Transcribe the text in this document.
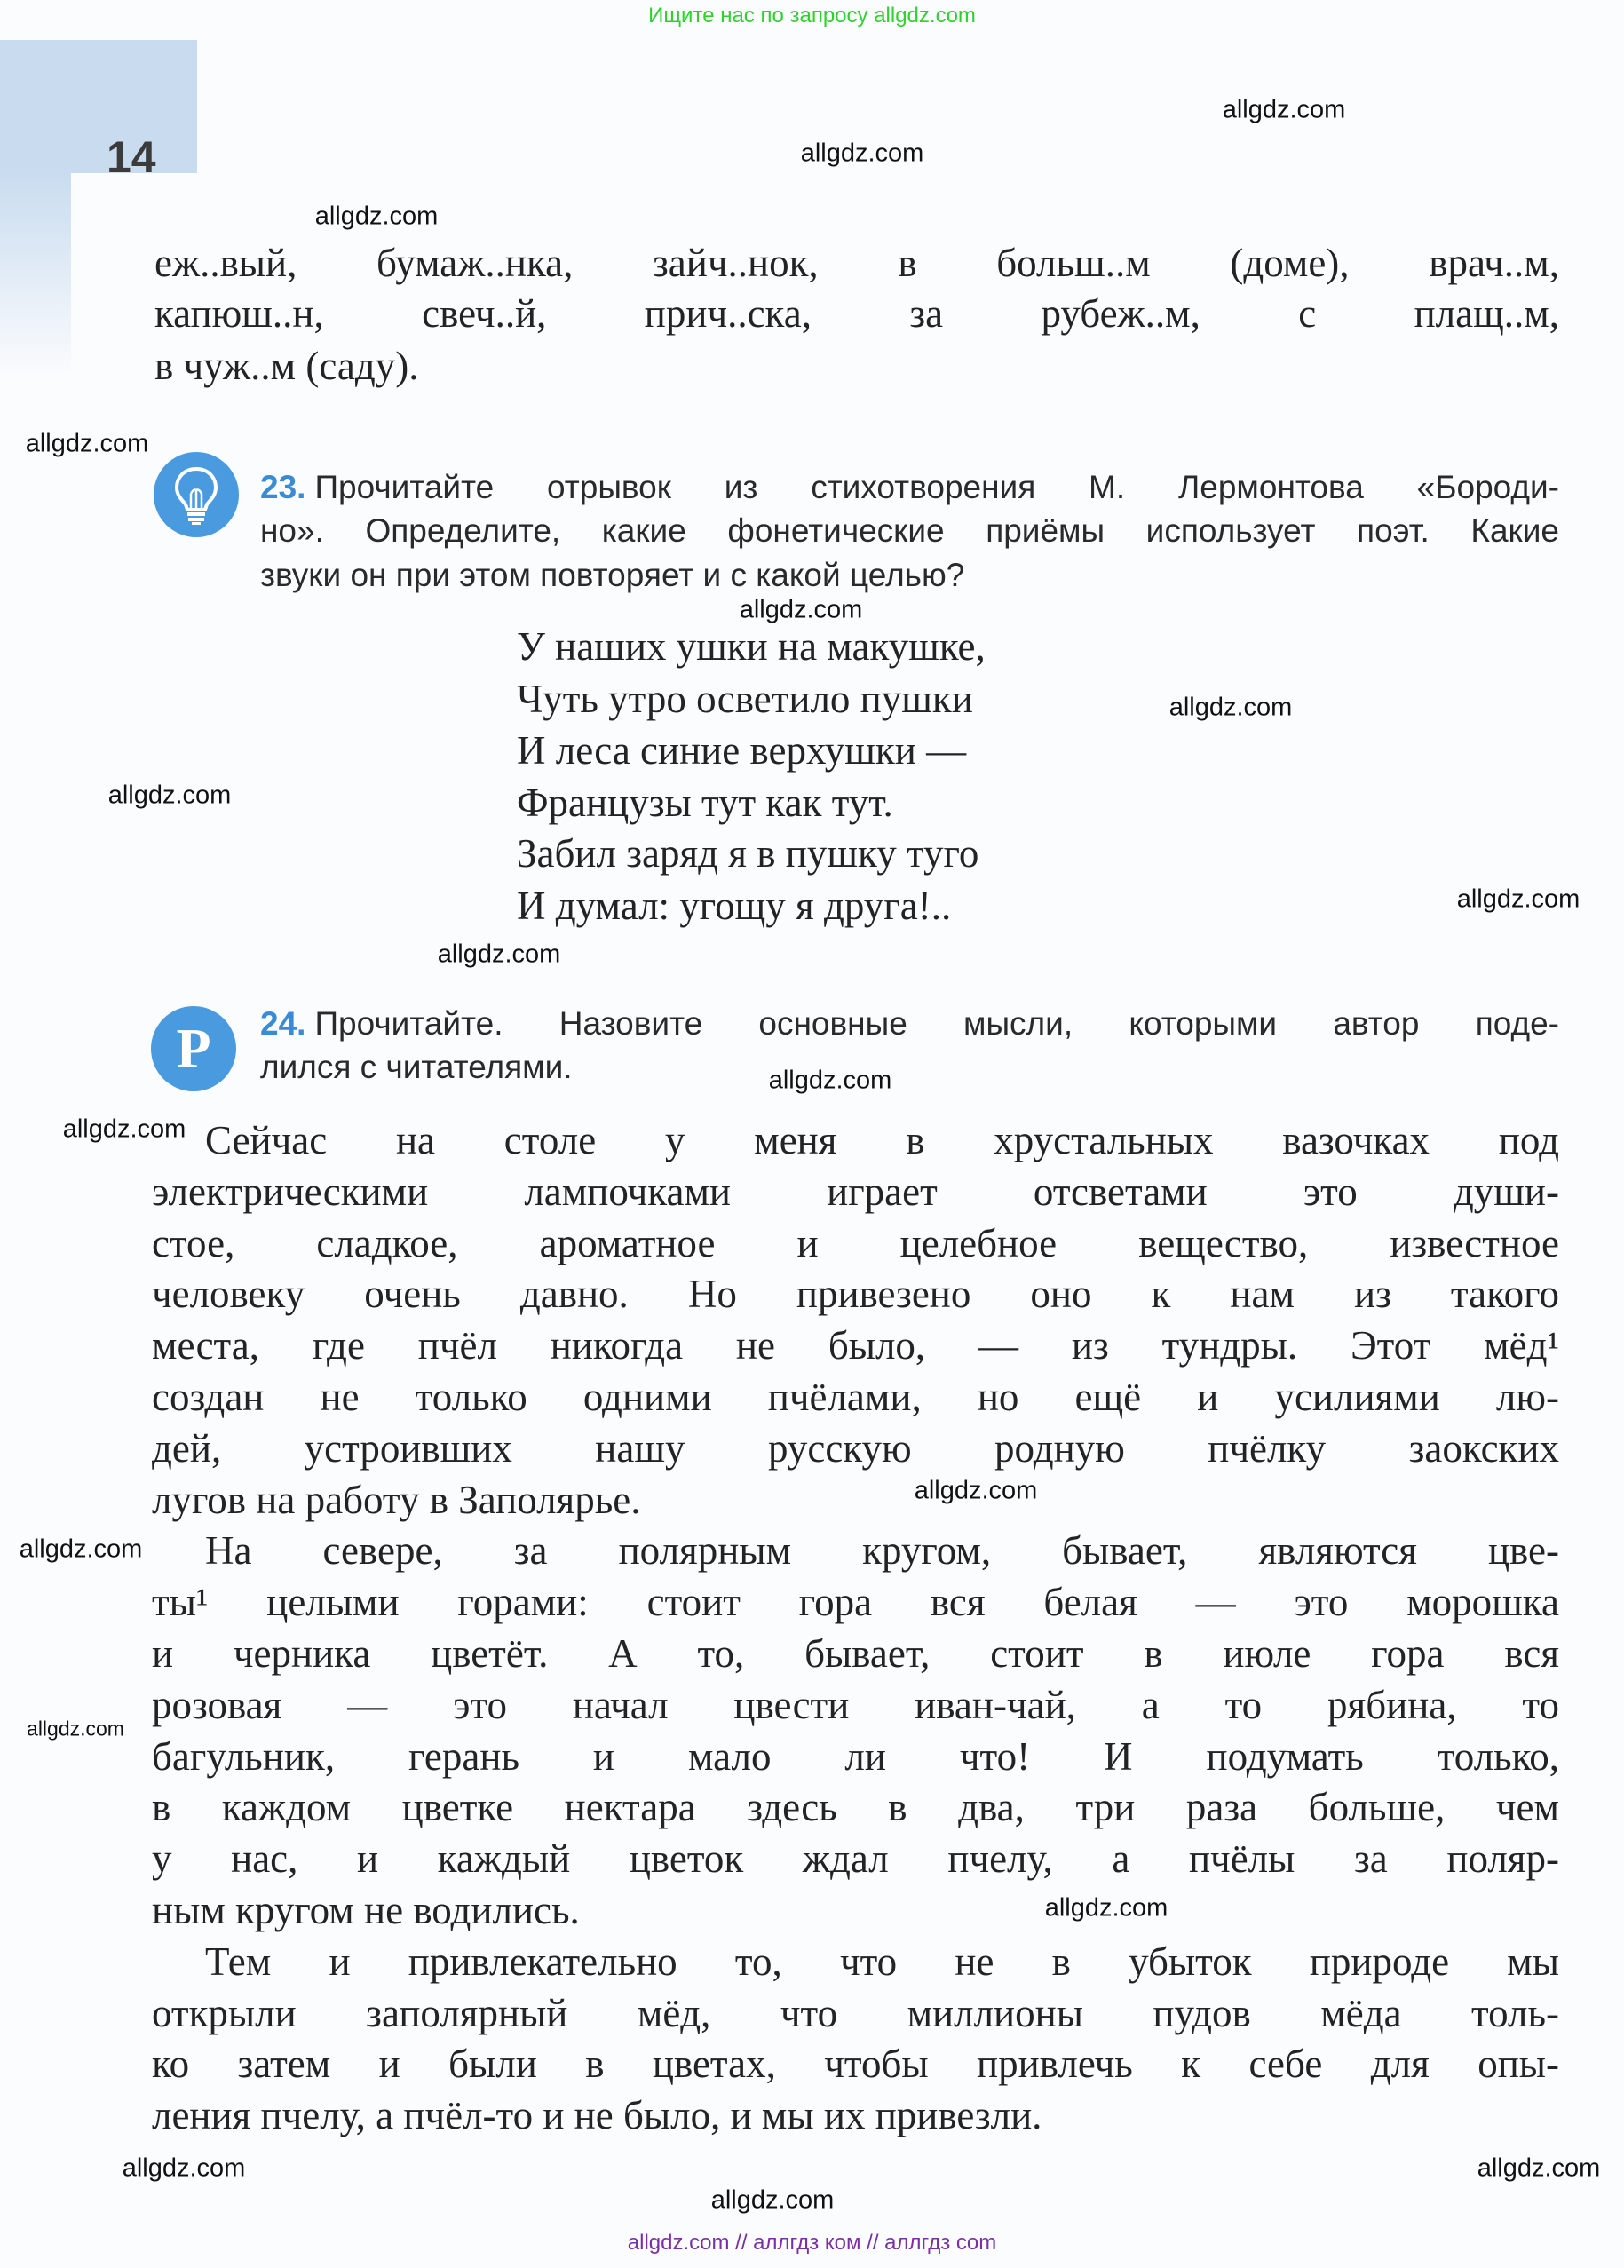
Ищите нас по запросу allgdz.com
14
Р
еж..вый, бумаж..нка, зайч..нок, в больш..м (доме), врач..м,
капюш..н, свеч..й, прич..ска, за рубеж..м, с плащ..м,
в чуж..м (саду).
23. Прочитайте отрывок из стихотворения М. Лермонтова «Бороди-
но». Определите, какие фонетические приёмы использует поэт. Какие
звуки он при этом повторяет и с какой целью?
У наших ушки на макушке,
Чуть утро осветило пушки
И леса синие верхушки —
Французы тут как тут.
Забил заряд я в пушку туго
И думал: угощу я друга!..
24. Прочитайте. Назовите основные мысли, которыми автор поде-
лился с читателями.
Сейчас на столе у меня в хрустальных вазочках под
электрическими лампочками играет отсветами это души-
стое, сладкое, ароматное и целебное вещество, известное
человеку очень давно. Но привезено оно к нам из такого
места, где пчёл никогда не было, — из тундры. Этот мёд¹
создан не только одними пчёлами, но ещё и усилиями лю-
дей, устроивших нашу русскую родную пчёлку заокских
лугов на работу в Заполярье.
На севере, за полярным кругом, бывает, являются цве-
ты¹ целыми горами: стоит гора вся белая — это морошка
и черника цветёт. А то, бывает, стоит в июле гора вся
розовая — это начал цвести иван-чай, а то рябина, то
багульник, герань и мало ли что! И подумать только,
в каждом цветке нектара здесь в два, три раза больше, чем
у нас, и каждый цветок ждал пчелу, а пчёлы за поляр-
ным кругом не водились.
Тем и привлекательно то, что не в убыток природе мы
открыли заполярный мёд, что миллионы пудов мёда толь-
ко затем и были в цветах, чтобы привлечь к себе для опы-
ления пчелу, а пчёл-то и не было, и мы их привезли.
allgdz.com
allgdz.com
allgdz.com
allgdz.com
allgdz.com
allgdz.com
allgdz.com
allgdz.com
allgdz.com
allgdz.com
allgdz.com
allgdz.com
allgdz.com
allgdz.com
allgdz.com
allgdz.com
allgdz.com
allgdz.com
allgdz.com // аллгдз ком // аллгдз com
